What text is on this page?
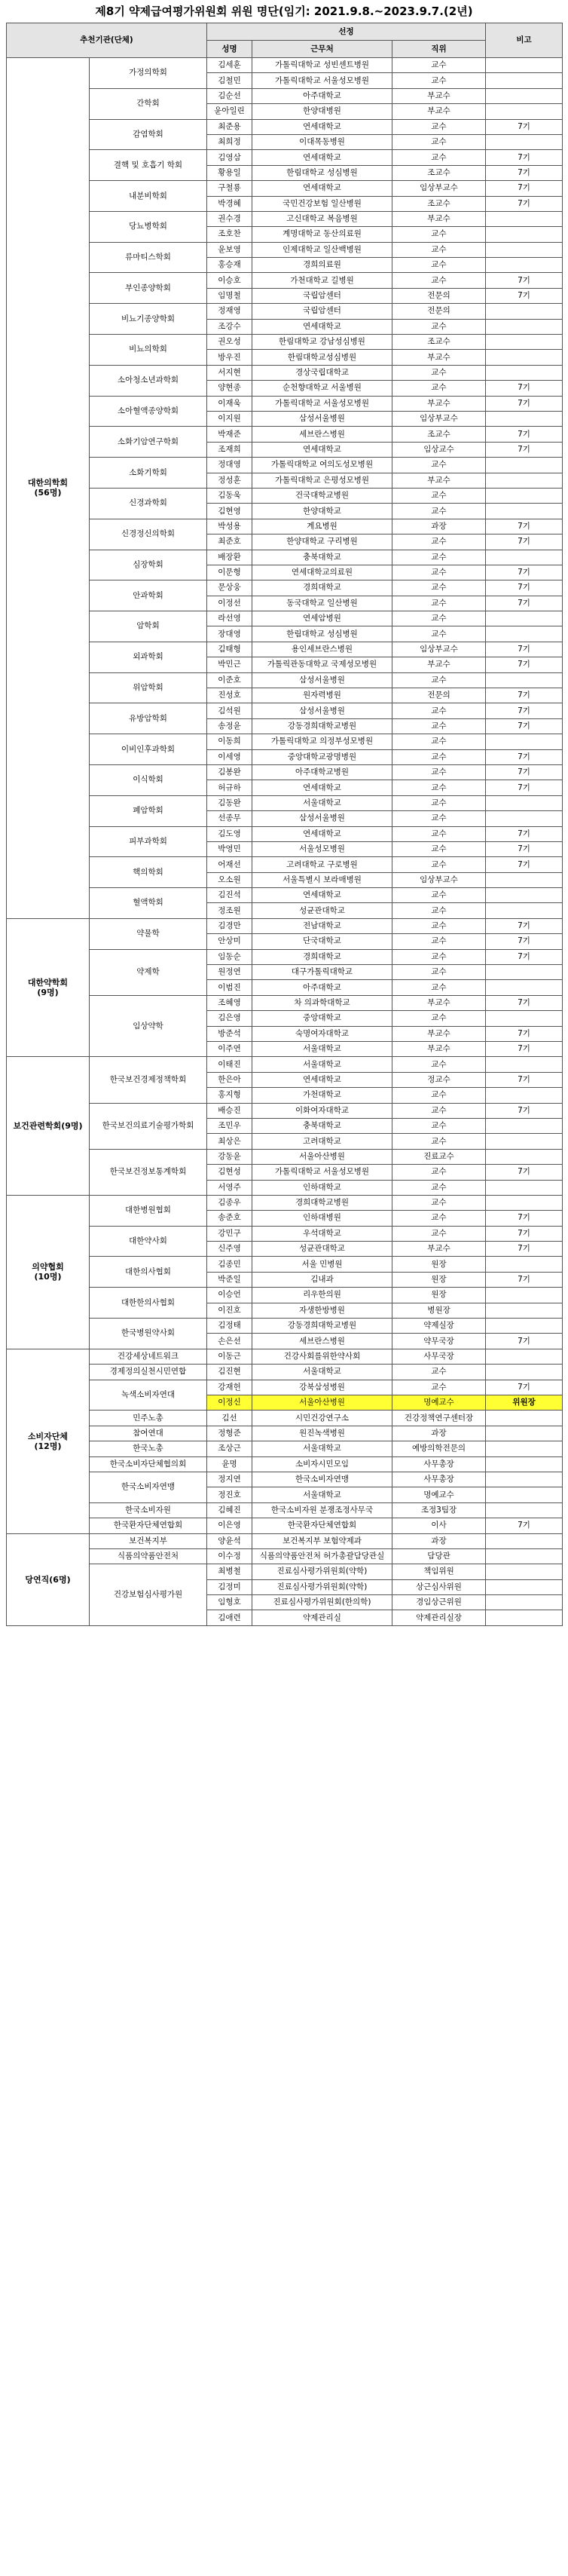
제8기 약제급여평가위원회 위원 명단(임기: 2021.9.8.~2023.9.7.(2년)
추천기관(단체)		선정			비고
		성명	근무처	직위	
대한의학회
(56명)	가정의학회	김세훈	가톨릭대학교 성빈센트병원	교수	
		김철민	가톨릭대학교 서울성모병원	교수	
	간학회	김순선	아주대학교	부교수	
		윤아일린	한양대병원	부교수	
	감염학회	최준용	연세대학교	교수	7기
		최희정	이대목동병원	교수	
	결핵 및 호흡기 학회	김영삼	연세대학교	교수	7기
		황용일	한림대학교 성심병원	조교수	7기
	내분비학회	구철룡	연세대학교	임상부교수	7기
		박경혜	국민건강보험 일산병원	조교수	7기
	당뇨병학회	권수경	고신대학교 복음병원	부교수	
		조호찬	계명대학교 동산의료원	교수	
	류마티스학회	윤보영	인제대학교 일산백병원	교수	
		홍승재	경희의료원	교수	
	부인종양학회	이승호	가천대학교 길병원	교수	7기
		임명철	국립암센터	전문의	7기
	비뇨기종양학회	정재영	국립암센터	전문의	
		조강수	연세대학교	교수	
	비뇨의학회	권오성	한림대학교 강남성심병원	조교수	
		방우진	한림대학교성심병원	부교수	
	소아청소년과학회	서지현	경상국립대학교	교수	
		양현종	순천향대학교 서울병원	교수	7기
	소아혈액종양학회	이재욱	가톨릭대학교 서울성모병원	부교수	7기
		이지원	삼성서울병원	임상부교수	
	소화기암연구학회	박재준	세브란스병원	조교수	7기
		조재희	연세대학교	임상교수	7기
	소화기학회	정대영	가톨릭대학교 여의도성모병원	교수	
		정성훈	가톨릭대학교 은평성모병원	부교수	
	신경과학회	김동욱	건국대학교병원	교수	
		김현영	한양대학교	교수	
	신경정신의학회	박성용	계요병원	과장	7기
		최준호	한양대학교 구리병원	교수	7기
	심장학회	배장환	충북대학교	교수	
		이문형	연세대학교의료원	교수	7기
	안과학회	문상웅	경희대학교	교수	7기
		이정선	동국대학교 일산병원	교수	7기
	암학회	라선영	연세암병원	교수	
		장대영	한림대학교 성심병원	교수	
	외과학회	김태형	용인세브란스병원	임상부교수	7기
		박민근	가톨릭관동대학교 국제성모병원	부교수	7기
	위암학회	이준호	삼성서울병원	교수	
		진성호	원자력병원	전문의	7기
	유방암학회	김석원	삼성서울병원	교수	7기
		송정윤	강동경희대학교병원	교수	7기
	이비인후과학회	이동희	가톨릭대학교 의정부성모병원	교수	
		이세영	중앙대학교광명병원	교수	7기
	이식학회	김봉완	아주대학교병원	교수	7기
		허규하	연세대학교	교수	7기
	폐암학회	김동완	서울대학교	교수	
		선종무	삼성서울병원	교수	
	피부과학회	김도영	연세대학교	교수	7기
		박영민	서울성모병원	교수	7기
	핵의학회	어재선	고려대학교 구로병원	교수	7기
		오소원	서울특별시 보라매병원	임상부교수	
	혈액학회	김진석	연세대학교	교수	
		정조원	성균관대학교	교수	
대한약학회
(9명)	약물학	김경만	전남대학교	교수	7기
		안상미	단국대학교	교수	7기
	약제학	임동순	경희대학교	교수	7기
		원정연	대구가톨릭대학교	교수	
		이범진	아주대학교	교수	
	임상약학	조혜영	차 의과학대학교	부교수	7기
		김은영	중앙대학교	교수	
		방준석	숙명여자대학교	부교수	7기
		이주연	서울대학교	부교수	7기
보건관련학회(9명)	한국보건경제정책학회	이태진	서울대학교	교수	
		한은아	연세대학교	정교수	7기
		홍지형	가천대학교	교수	
	한국보건의료기술평가학회	배승진	이화여자대학교	교수	7기
		조민우	충북대학교	교수	
		최상은	고려대학교	교수	
	한국보건정보통계학회	강동윤	서울아산병원	진료교수	
		김현성	가톨릭대학교 서울성모병원	교수	7기
		서영주	인하대학교	교수	
의약협회
(10명)	대한병원협회	김종우	경희대학교병원	교수	
		송준호	인하대병원	교수	7기
	대한약사회	강민구	우석대학교	교수	7기
		신주영	성균관대학교	부교수	7기
	대한의사협회	김종민	서울 민병원	원장	
		박준일	김내과	원장	7기
	대한한의사협회	이승언	리우한의원	원장	
		이진호	자생한방병원	병원장	
	한국병원약사회	김정태	강동경희대학교병원	약제실장	
		손은선	세브란스병원	약무국장	7기
소비자단체
(12명)	건강세상네트워크	이동근	건강사회를위한약사회	사무국장	
	경제정의실천시민연합	김진현	서울대학교	교수	
	녹색소비자연대	강재헌	강북삼성병원	교수	7기
		이정신	서울아산병원	명예교수	위원장
	민주노총	김선	시민건강연구소	건강정책연구센터장	
	참여연대	정형준	원진녹색병원	과장	
	한국노총	조상근	서울대학교	예방의학전문의	
	한국소비자단체협의회	윤명	소비자시민모임	사무총장	
	한국소비자연맹	정지연	한국소비자연맹	사무총장	
		정진호	서울대학교	명예교수	
	한국소비자원	김혜진	한국소비자원 분쟁조정사무국	조정3팀장	
	한국환자단체연합회	이은영	한국환자단체연합회	이사	7기
당연직(6명)	보건복지부	양윤석	보건복지부 보험약제과	과장	
	식품의약품안전처	이수정	식품의약품안전처 허가총괄담당관실	담당관	
	건강보험심사평가원	최병철	진료심사평가위원회(약학)	책임위원	
		김정미	진료심사평가위원회(약학)	상근심사위원	
		임형호	진료심사평가위원회(한의학)	경임상근위원	
		김애련	약제관리실	약제관리실장	
